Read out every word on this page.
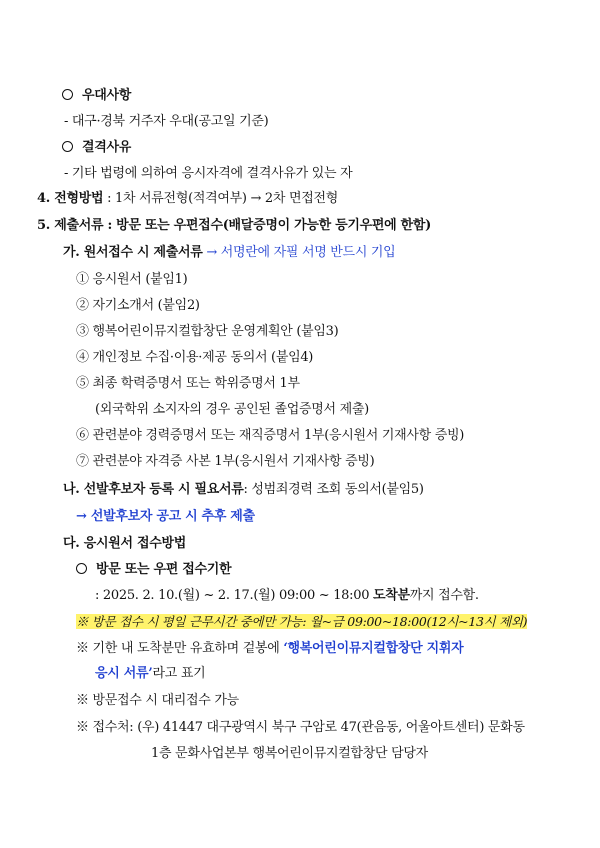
우대사항
- 대구·경북 거주자 우대(공고일 기준)
결격사유
- 기타 법령에 의하여 응시자격에 결격사유가 있는 자
4. 전형방법 : 1차 서류전형(적격여부) → 2차 면접전형
5. 제출서류 : 방문 또는 우편접수(배달증명이 가능한 등기우편에 한함)
가. 원서접수 시 제출서류 → 서명란에 자필 서명 반드시 기입
① 응시원서 (붙임1)
② 자기소개서 (붙임2)
③ 행복어린이뮤지컬합창단 운영계획안 (붙임3)
④ 개인정보 수집·이용·제공 동의서 (붙임4)
⑤ 최종 학력증명서 또는 학위증명서 1부
(외국학위 소지자의 경우 공인된 졸업증명서 제출)
⑥ 관련분야 경력증명서 또는 재직증명서 1부(응시원서 기재사항 증빙)
⑦ 관련분야 자격증 사본 1부(응시원서 기재사항 증빙)
나. 선발후보자 등록 시 필요서류: 성범죄경력 조회 동의서(붙임5)
→ 선발후보자 공고 시 추후 제출
다. 응시원서 접수방법
방문 또는 우편 접수기한
: 2025. 2. 10.(월) ~ 2. 17.(월) 09:00 ~ 18:00 도착분까지 접수함.
※ 방문 접수 시 평일 근무시간 중에만 가능: 월~금 09:00~18:00(12시~13시 제외)
※ 기한 내 도착분만 유효하며 겉봉에 ‘행복어린이뮤지컬합창단 지휘자
응시 서류’라고 표기
※ 방문접수 시 대리접수 가능
※ 접수처: (우) 41447 대구광역시 북구 구암로 47(관음동, 어울아트센터) 문화동
1층 문화사업본부 행복어린이뮤지컬합창단 담당자
